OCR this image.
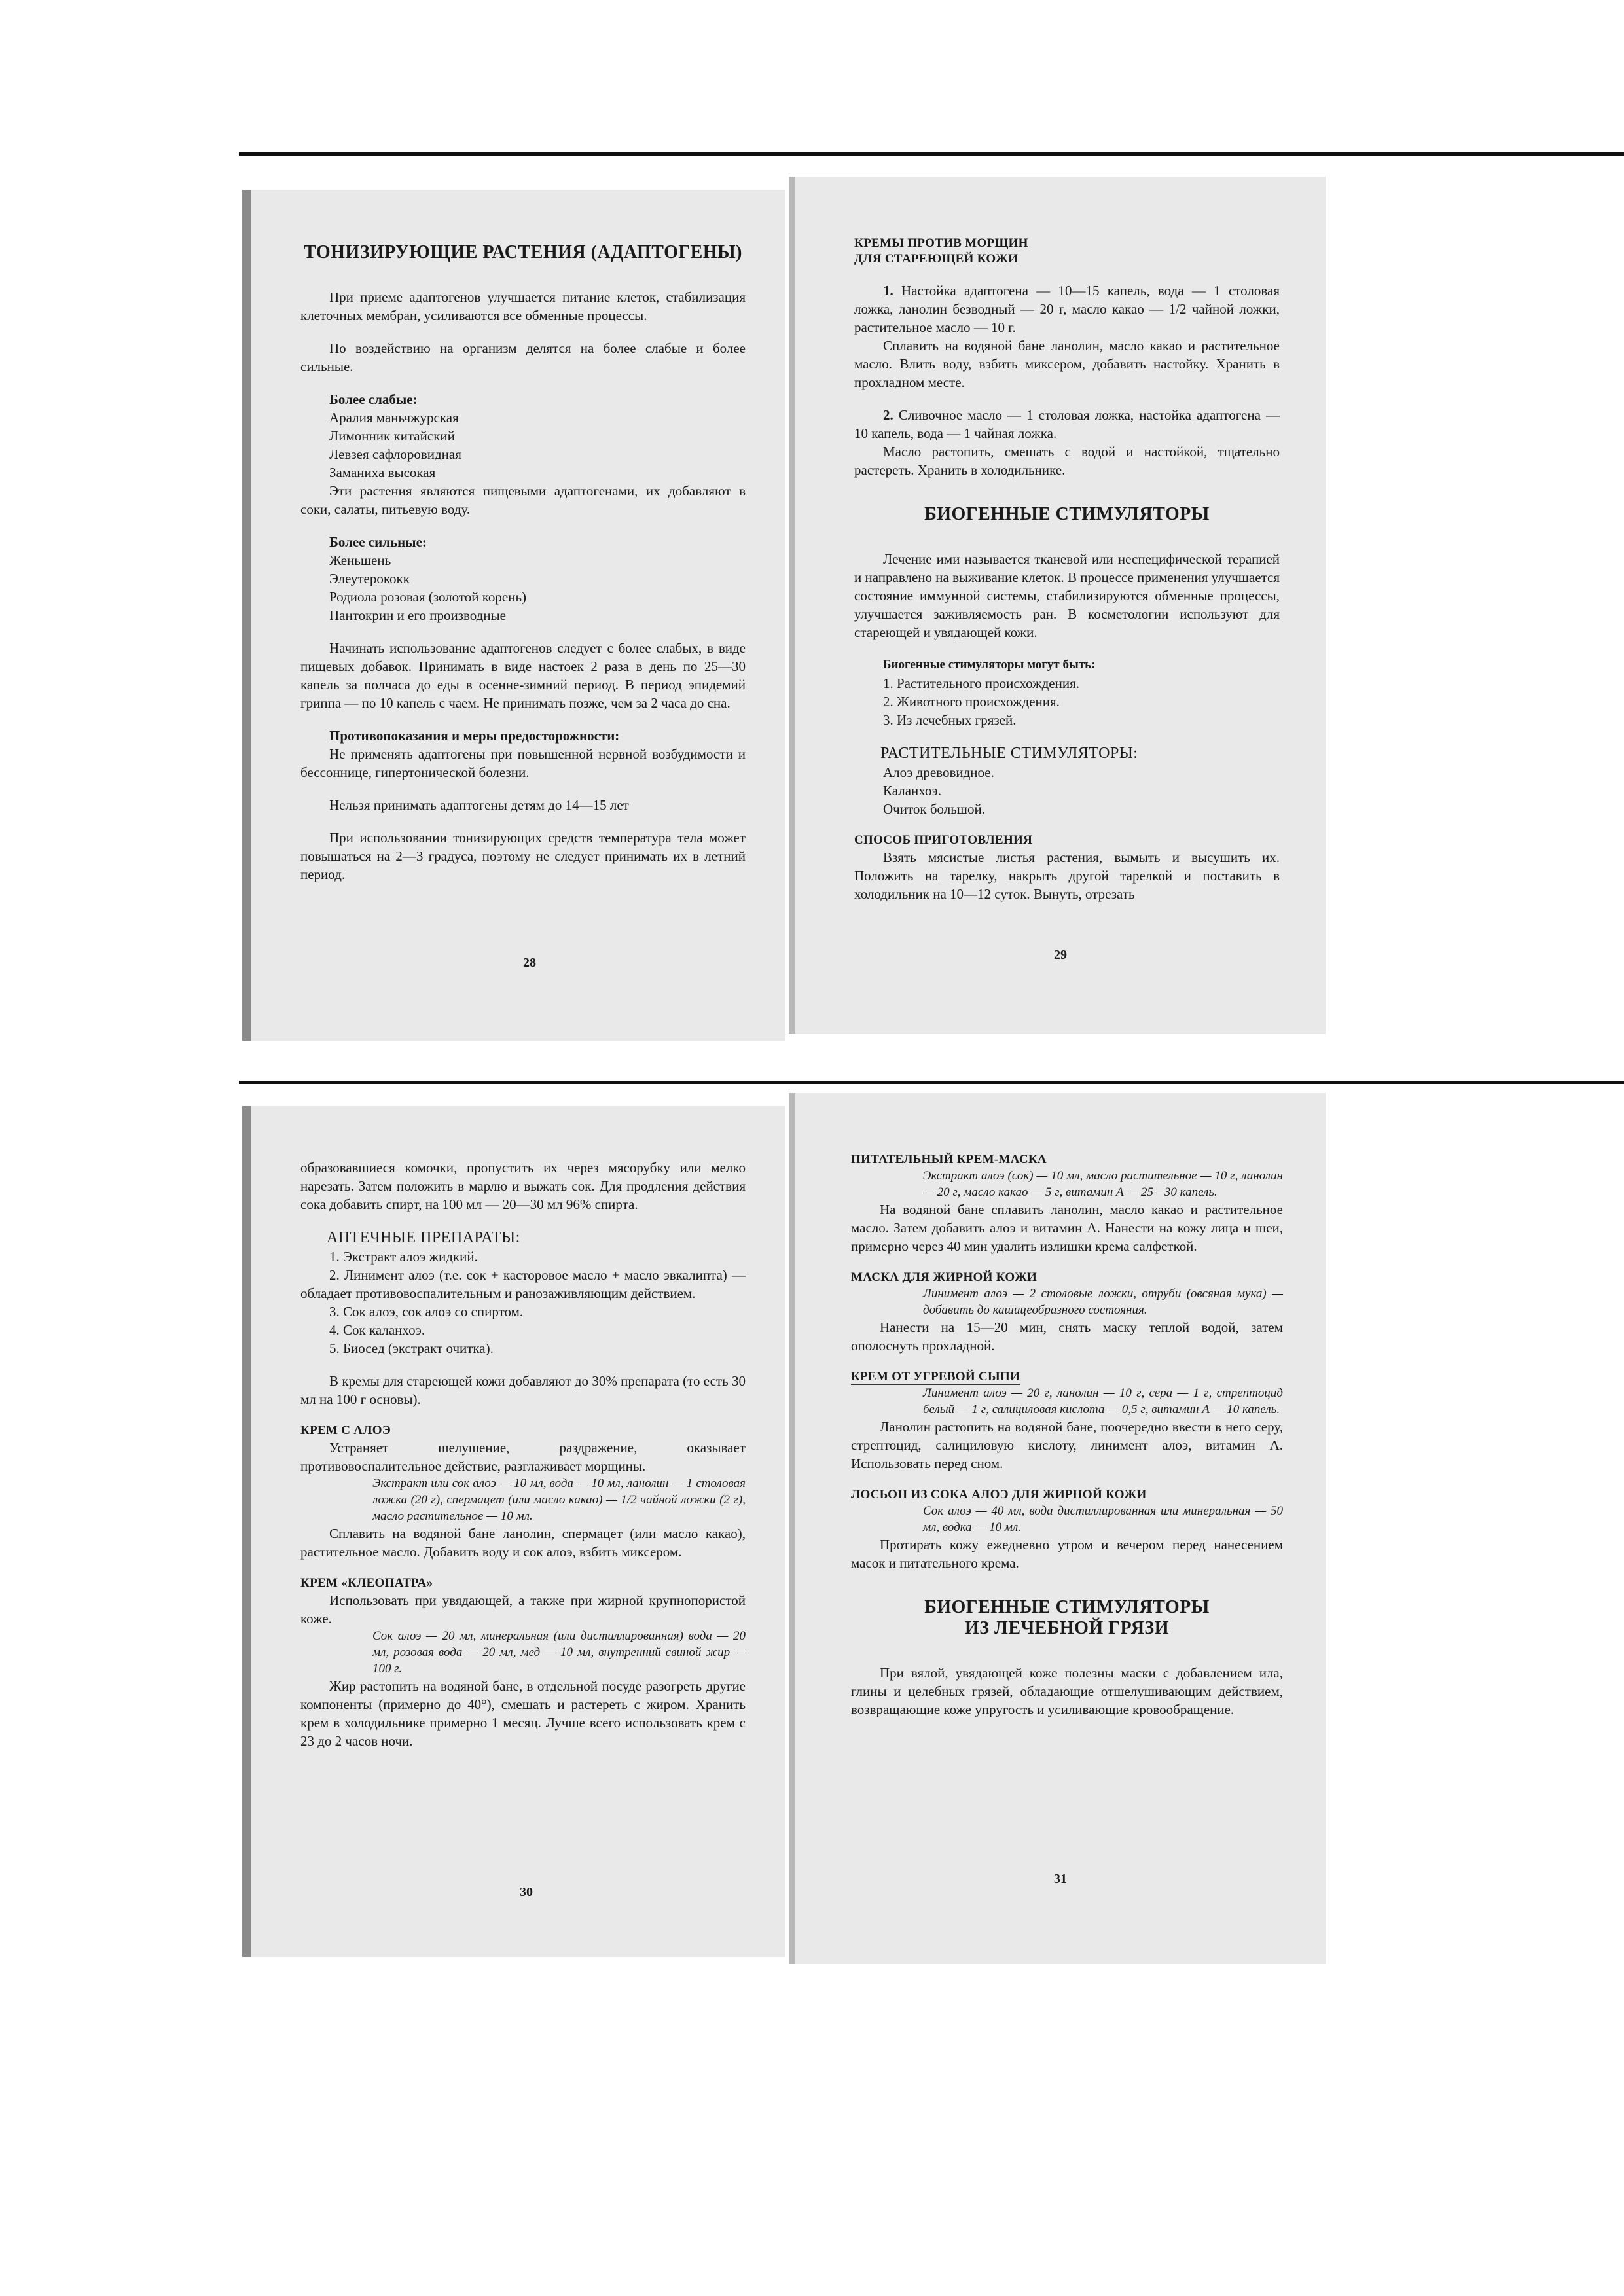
ТОНИЗИРУЮЩИЕ РАСТЕНИЯ (АДАПТОГЕНЫ)

При приеме адаптогенов улучшается питание клеток, стабилизация клеточных мембран, усиливаются все обменные процессы.

По воздействию на организм делятся на более слабые и более сильные.

Более слабые:

Аралия маньчжурская

Лимонник китайский

Левзея сафлоровидная

Заманиха высокая

Эти растения являются пищевыми адаптогенами, их добавляют в соки, салаты, питьевую воду.

Более сильные:

Женьшень

Элеутерококк

Родиола розовая (золотой корень)

Пантокрин и его производные

Начинать использование адаптогенов следует с более слабых, в виде пищевых добавок. Принимать в виде настоек 2 раза в день по 25—30 капель за полчаса до еды в осенне-зимний период. В период эпидемий гриппа — по 10 капель с чаем. Не принимать позже, чем за 2 часа до сна.

Противопоказания и меры предосторожности:

Не применять адаптогены при повышенной нервной возбудимости и бессоннице, гипертонической болезни.

Нельзя принимать адаптогены детям до 14—15 лет

При использовании тонизирующих средств температура тела может повышаться на 2—3 градуса, поэтому не следует принимать их в летний период.

28

КРЕМЫ ПРОТИВ МОРЩИН

ДЛЯ СТАРЕЮЩЕЙ КОЖИ

1. Настойка адаптогена — 10—15 капель, вода — 1 столовая ложка, ланолин безводный — 20 г, масло какао — 1/2 чайной ложки, растительное масло — 10 г.

Сплавить на водяной бане ланолин, масло какао и растительное масло. Влить воду, взбить миксером, добавить настойку. Хранить в прохладном месте.

2. Сливочное масло — 1 столовая ложка, настойка адаптогена — 10 капель, вода — 1 чайная ложка.

Масло растопить, смешать с водой и настойкой, тщательно растереть. Хранить в холодильнике.

БИОГЕННЫЕ СТИМУЛЯТОРЫ

Лечение ими называется тканевой или неспецифической терапией и направлено на выживание клеток. В процессе применения улучшается состояние иммунной системы, стабилизируются обменные процессы, улучшается заживляемость ран. В косметологии используют для стареющей и увядающей кожи.

Биогенные стимуляторы могут быть:

1. Растительного происхождения.

2. Животного происхождения.

3. Из лечебных грязей.

РАСТИТЕЛЬНЫЕ СТИМУЛЯТОРЫ:

Алоэ древовидное.

Каланхоэ.

Очиток большой.

СПОСОБ ПРИГОТОВЛЕНИЯ

Взять мясистые листья растения, вымыть и высушить их. Положить на тарелку, накрыть другой тарелкой и поставить в холодильник на 10—12 суток. Вынуть, отрезать

29

образовавшиеся комочки, пропустить их через мясорубку или мелко нарезать. Затем положить в марлю и выжать сок. Для продления действия сока добавить спирт, на 100 мл — 20—30 мл 96% спирта.

АПТЕЧНЫЕ ПРЕПАРАТЫ:

1. Экстракт алоэ жидкий.

2. Линимент алоэ (т.е. сок + касторовое масло + масло эвкалипта) — обладает противовоспалительным и ранозаживляющим действием.

3. Сок алоэ, сок алоэ со спиртом.

4. Сок каланхоэ.

5. Биосед (экстракт очитка).

В кремы для стареющей кожи добавляют до 30% препарата (то есть 30 мл на 100 г основы).

КРЕМ С АЛОЭ

Устраняет шелушение, раздражение, оказывает противовоспалительное действие, разглаживает морщины.

Экстракт или сок алоэ — 10 мл, вода — 10 мл, ланолин — 1 столовая ложка (20 г), спермацет (или масло какао) — 1/2 чайной ложки (2 г), масло растительное — 10 мл.

Сплавить на водяной бане ланолин, спермацет (или масло какао), растительное масло. Добавить воду и сок алоэ, взбить миксером.

КРЕМ «КЛЕОПАТРА»

Использовать при увядающей, а также при жирной крупнопористой коже.

Сок алоэ — 20 мл, минеральная (или дистиллированная) вода — 20 мл, розовая вода — 20 мл, мед — 10 мл, внутренний свиной жир — 100 г.

Жир растопить на водяной бане, в отдельной посуде разогреть другие компоненты (примерно до 40°), смешать и растереть с жиром. Хранить крем в холодильнике примерно 1 месяц. Лучше всего использовать крем с 23 до 2 часов ночи.

30

ПИТАТЕЛЬНЫЙ КРЕМ-МАСКА

Экстракт алоэ (сок) — 10 мл, масло растительное — 10 г, ланолин — 20 г, масло какао — 5 г, витамин А — 25—30 капель.

На водяной бане сплавить ланолин, масло какао и растительное масло. Затем добавить алоэ и витамин А. Нанести на кожу лица и шеи, примерно через 40 мин удалить излишки крема салфеткой.

МАСКА ДЛЯ ЖИРНОЙ КОЖИ

Линимент алоэ — 2 столовые ложки, отруби (овсяная мука) — добавить до кашицеобразного состояния.

Нанести на 15—20 мин, снять маску теплой водой, затем ополоснуть прохладной.

КРЕМ ОТ УГРЕВОЙ СЫПИ

Линимент алоэ — 20 г, ланолин — 10 г, сера — 1 г, стрептоцид белый — 1 г, салициловая кислота — 0,5 г, витамин А — 10 капель.

Ланолин растопить на водяной бане, поочередно ввести в него серу, стрептоцид, салициловую кислоту, линимент алоэ, витамин А. Использовать перед сном.

ЛОСЬОН ИЗ СОКА АЛОЭ ДЛЯ ЖИРНОЙ КОЖИ

Сок алоэ — 40 мл, вода дистиллированная или минеральная — 50 мл, водка — 10 мл.

Протирать кожу ежедневно утром и вечером перед нанесением масок и питательного крема.

БИОГЕННЫЕ СТИМУЛЯТОРЫ

ИЗ ЛЕЧЕБНОЙ ГРЯЗИ

При вялой, увядающей коже полезны маски с добавлением ила, глины и целебных грязей, обладающие отшелушивающим действием, возвращающие коже упругость и усиливающие кровообращение.

31
